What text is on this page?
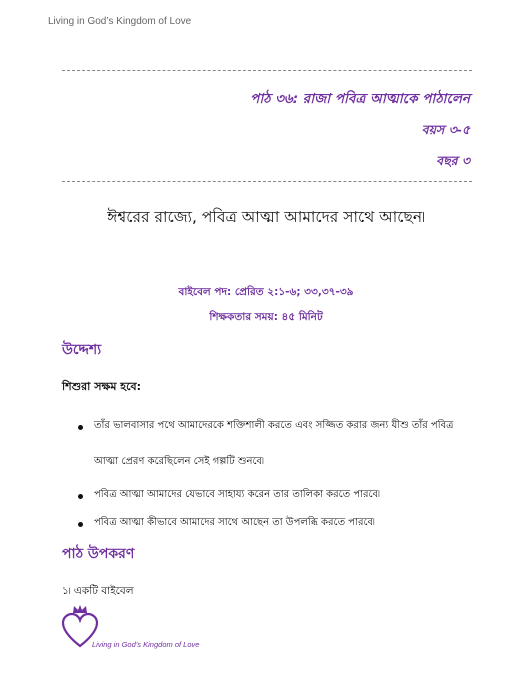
Living in God’s Kingdom of Love
পাঠ ৩৬: রাজা পবিত্র আত্মাকে পাঠালেন
বয়স ৩-৫
বছর ৩
ঈশ্বরের রাজ্যে, পবিত্র আত্মা আমাদের সাথে আছেন৷
বাইবেল পদ: প্রেরিত ২:১-৬; ৩৩,৩৭-৩৯
শিক্ষকতার সময়: ৪৫ মিনিট
উদ্দেশ্য
শিশুরা সক্ষম হবে:
তাঁর ভালবাসার পথে আমাদেরকে শক্তিশালী করতে এবং সজ্জিত করার জন্য যীশু তাঁর পবিত্র
আত্মা প্রেরণ করেছিলেন সেই গল্পটি শুনবে৷
পবিত্র আত্মা আমাদের যেভাবে সাহায্য করেন তার তালিকা করতে পারবে৷
পবিত্র আত্মা কীভাবে আমাদের সাথে আছেন তা উপলব্ধি করতে পারবে৷
পাঠ উপকরণ
১৷ একটি বাইবেল
Living in God’s Kingdom of Love
